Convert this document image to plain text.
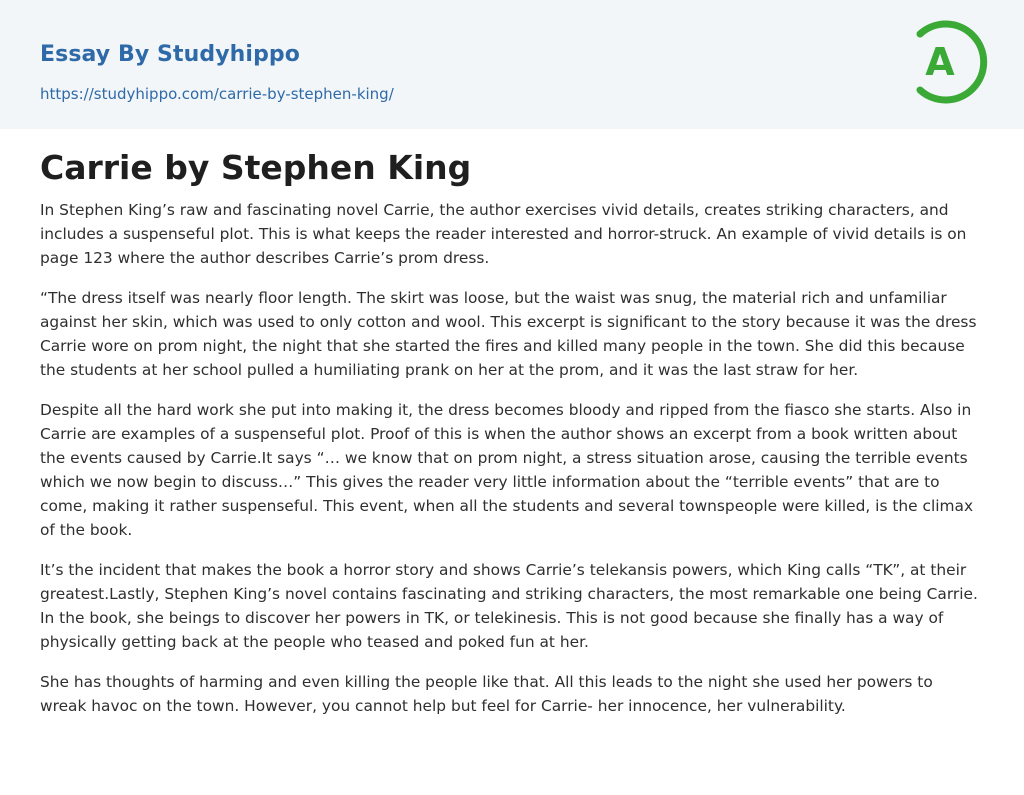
Essay By Studyhippo
https://studyhippo.com/carrie-by-stephen-king/
A
Carrie by Stephen King

In Stephen King’s raw and fascinating novel Carrie, the author exercises vivid details, creates striking characters, and includes a suspenseful plot. This is what keeps the reader interested and horror-struck. An example of vivid details is on page 123 where the author describes Carrie’s prom dress.

“The dress itself was nearly floor length. The skirt was loose, but the waist was snug, the material rich and unfamiliar against her skin, which was used to only cotton and wool. This excerpt is significant to the story because it was the dress Carrie wore on prom night, the night that she started the fires and killed many people in the town. She did this because the students at her school pulled a humiliating prank on her at the prom, and it was the last straw for her.

Despite all the hard work she put into making it, the dress becomes bloody and ripped from the fiasco she starts. Also in Carrie are examples of a suspenseful plot. Proof of this is when the author shows an excerpt from a book written about the events caused by Carrie.It says “… we know that on prom night, a stress situation arose, causing the terrible events which we now begin to discuss…” This gives the reader very little information about the “terrible events” that are to come, making it rather suspenseful. This event, when all the students and several townspeople were killed, is the climax of the book.

It’s the incident that makes the book a horror story and shows Carrie’s telekansis powers, which King calls “TK”, at their greatest.Lastly, Stephen King’s novel contains fascinating and striking characters, the most remarkable one being Carrie. In the book, she beings to discover her powers in TK, or telekinesis. This is not good because she finally has a way of physically getting back at the people who teased and poked fun at her.

She has thoughts of harming and even killing the people like that. All this leads to the night she used her powers to wreak havoc on the town. However, you cannot help but feel for Carrie- her innocence, her vulnerability.
